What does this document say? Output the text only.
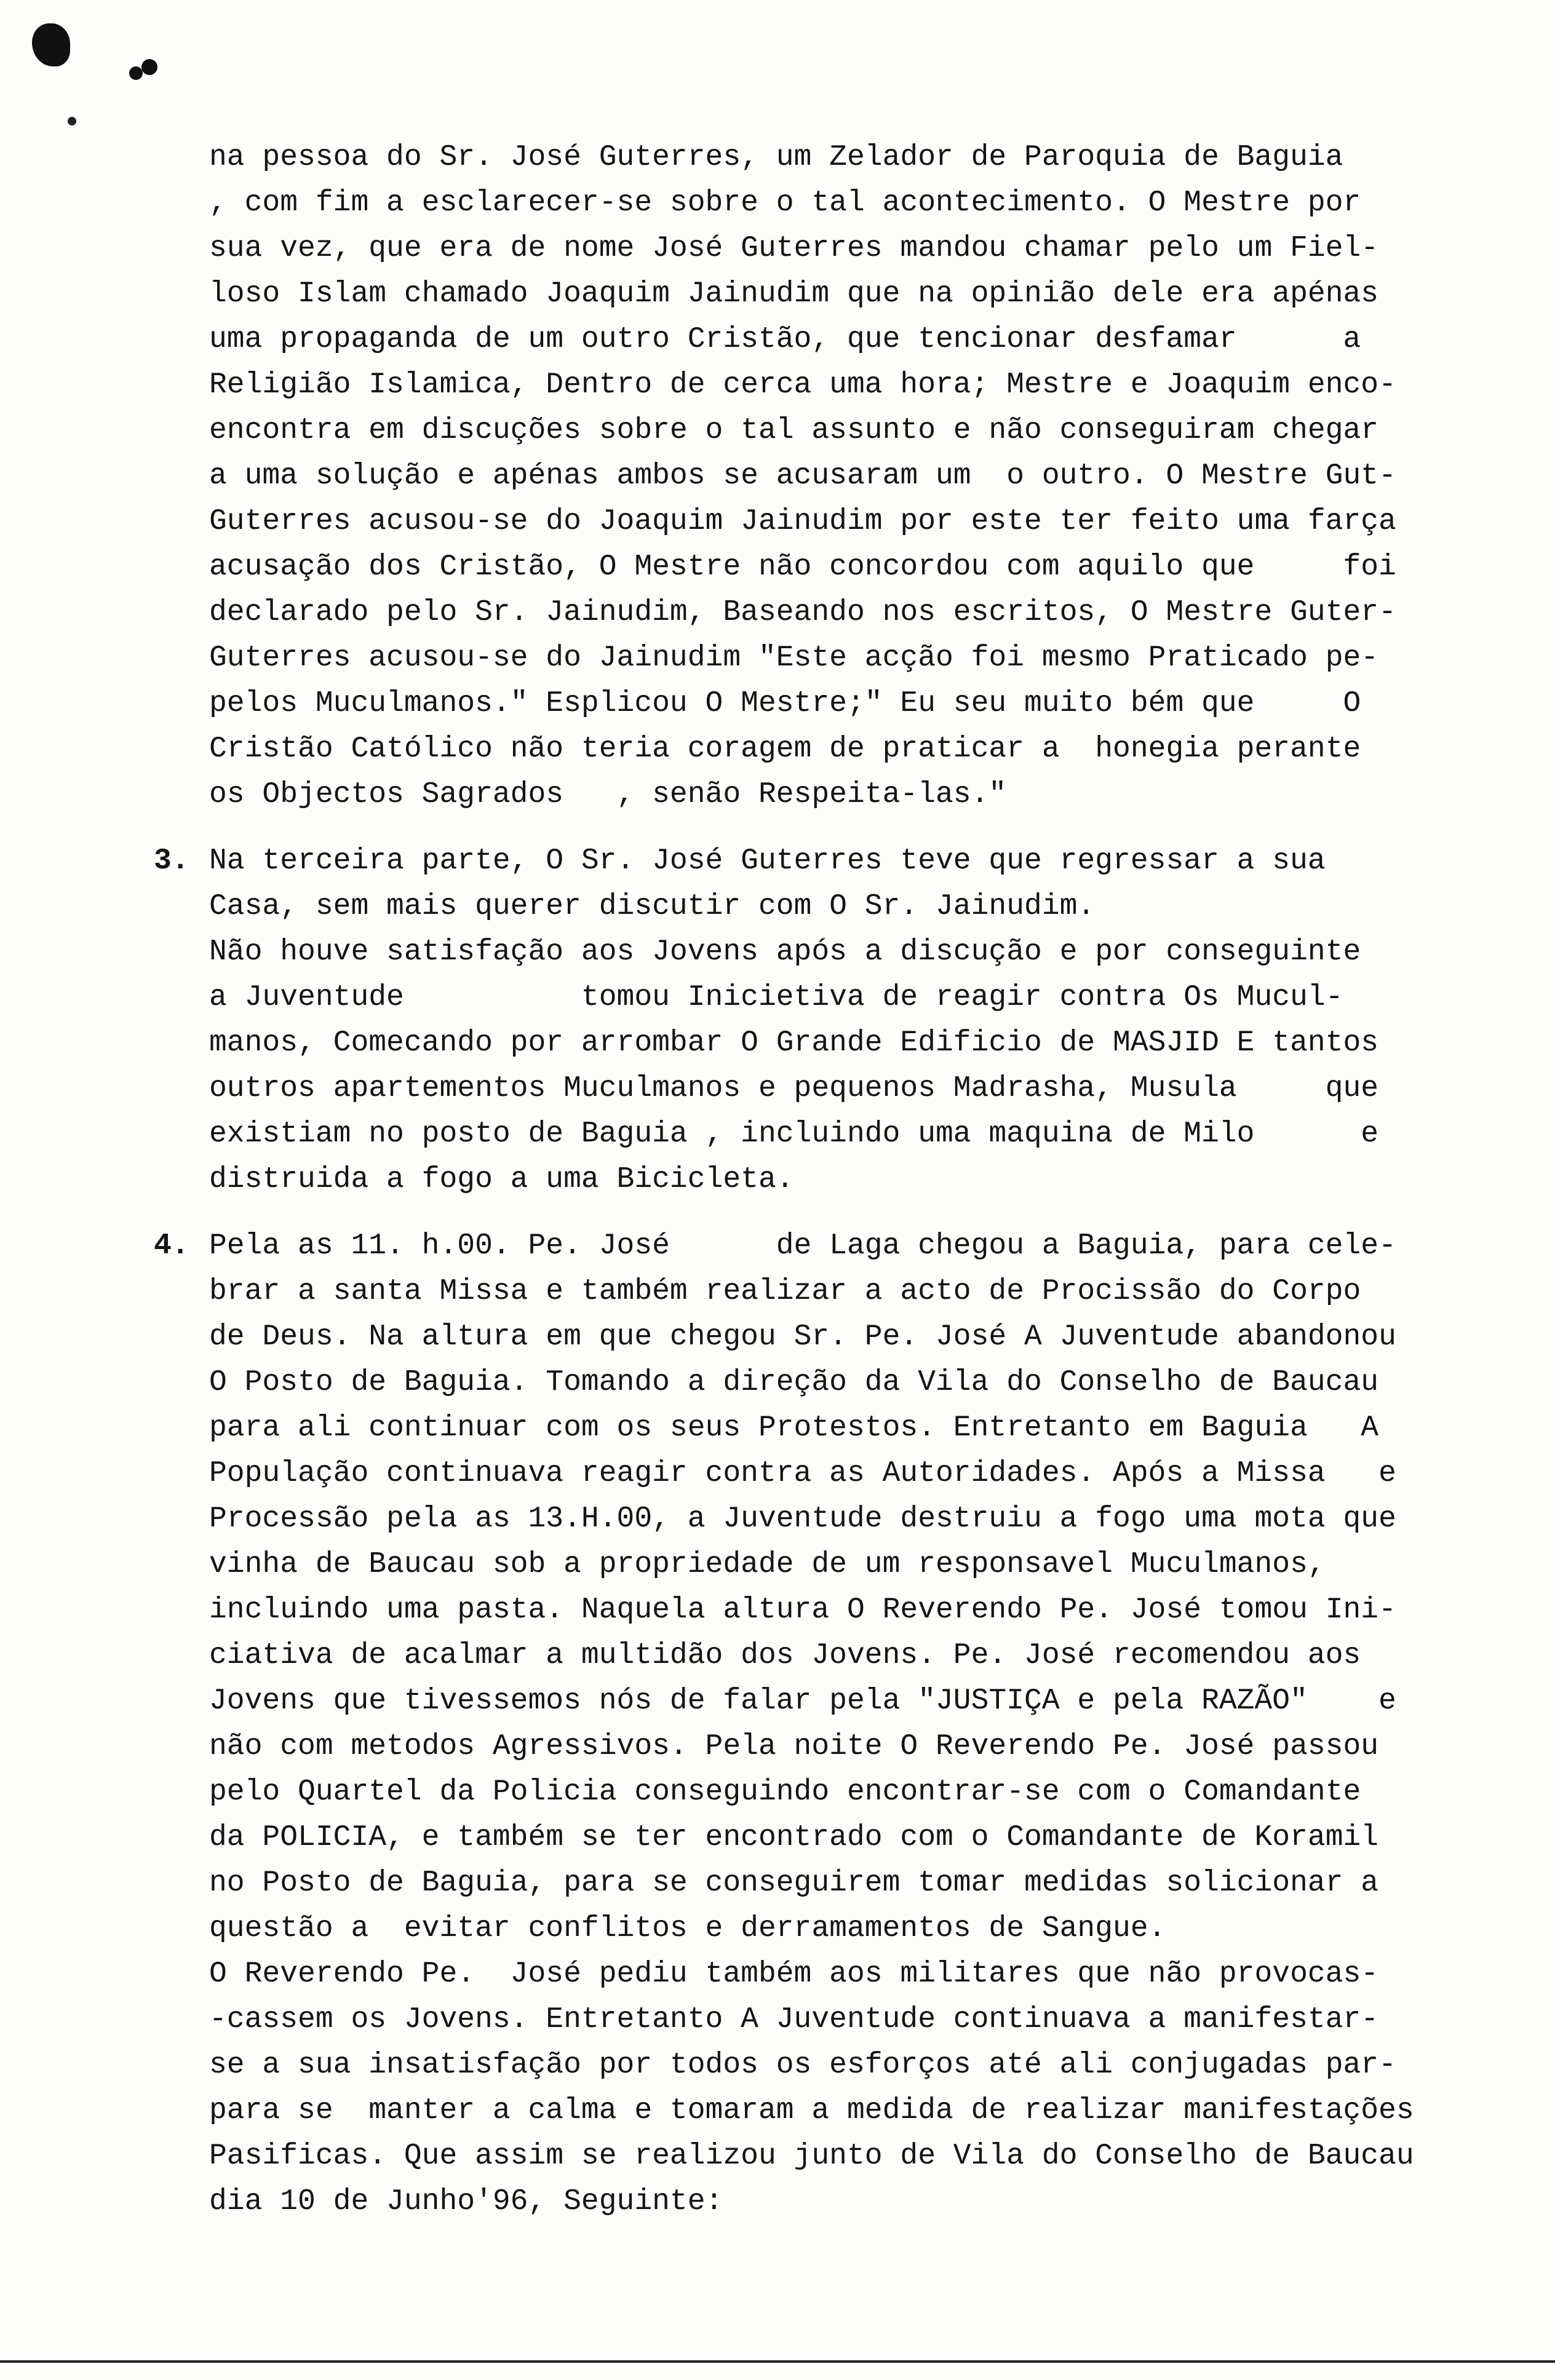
na pessoa do Sr. José Guterres, um Zelador de Paroquia de Baguia
, com fim a esclarecer-se sobre o tal acontecimento. O Mestre por
sua vez, que era de nome José Guterres mandou chamar pelo um Fiel-
loso Islam chamado Joaquim Jainudim que na opinião dele era apénas
uma propaganda de um outro Cristão, que tencionar desfamar      a
Religião Islamica, Dentro de cerca uma hora; Mestre e Joaquim enco-
encontra em discuções sobre o tal assunto e não conseguiram chegar
a uma solução e apénas ambos se acusaram um  o outro. O Mestre Gut-
Guterres acusou-se do Joaquim Jainudim por este ter feito uma farça
acusação dos Cristão, O Mestre não concordou com aquilo que     foi
declarado pelo Sr. Jainudim, Baseando nos escritos, O Mestre Guter-
Guterres acusou-se do Jainudim "Este acção foi mesmo Praticado pe-
pelos Muculmanos." Esplicou O Mestre;" Eu seu muito bém que     O
Cristão Católico não teria coragem de praticar a  honegia perante
os Objectos Sagrados   , senão Respeita-las."
3. Na terceira parte, O Sr. José Guterres teve que regressar a sua
Casa, sem mais querer discutir com O Sr. Jainudim.
Não houve satisfação aos Jovens após a discução e por conseguinte
a Juventude          tomou Inicietiva de reagir contra Os Mucul-
manos, Comecando por arrombar O Grande Edificio de MASJID E tantos
outros apartementos Muculmanos e pequenos Madrasha, Musula     que
existiam no posto de Baguia , incluindo uma maquina de Milo      e
distruida a fogo a uma Bicicleta.
4. Pela as 11. h.00. Pe. José      de Laga chegou a Baguia, para cele-
brar a santa Missa e também realizar a acto de Procissão do Corpo
de Deus. Na altura em que chegou Sr. Pe. José A Juventude abandonou
O Posto de Baguia. Tomando a direção da Vila do Conselho de Baucau
para ali continuar com os seus Protestos. Entretanto em Baguia   A
População continuava reagir contra as Autoridades. Após a Missa   e
Processão pela as 13.H.00, a Juventude destruiu a fogo uma mota que
vinha de Baucau sob a propriedade de um responsavel Muculmanos,
incluindo uma pasta. Naquela altura O Reverendo Pe. José tomou Ini-
ciativa de acalmar a multidão dos Jovens. Pe. José recomendou aos
Jovens que tivessemos nós de falar pela "JUSTIÇA e pela RAZÃO"    e
não com metodos Agressivos. Pela noite O Reverendo Pe. José passou
pelo Quartel da Policia conseguindo encontrar-se com o Comandante
da POLICIA, e também se ter encontrado com o Comandante de Koramil
no Posto de Baguia, para se conseguirem tomar medidas solicionar a
questão a  evitar conflitos e derramamentos de Sangue.
O Reverendo Pe.  José pediu também aos militares que não provocas-
-cassem os Jovens. Entretanto A Juventude continuava a manifestar-
se a sua insatisfação por todos os esforços até ali conjugadas par-
para se  manter a calma e tomaram a medida de realizar manifestações
Pasificas. Que assim se realizou junto de Vila do Conselho de Baucau
dia 10 de Junho'96, Seguinte:
